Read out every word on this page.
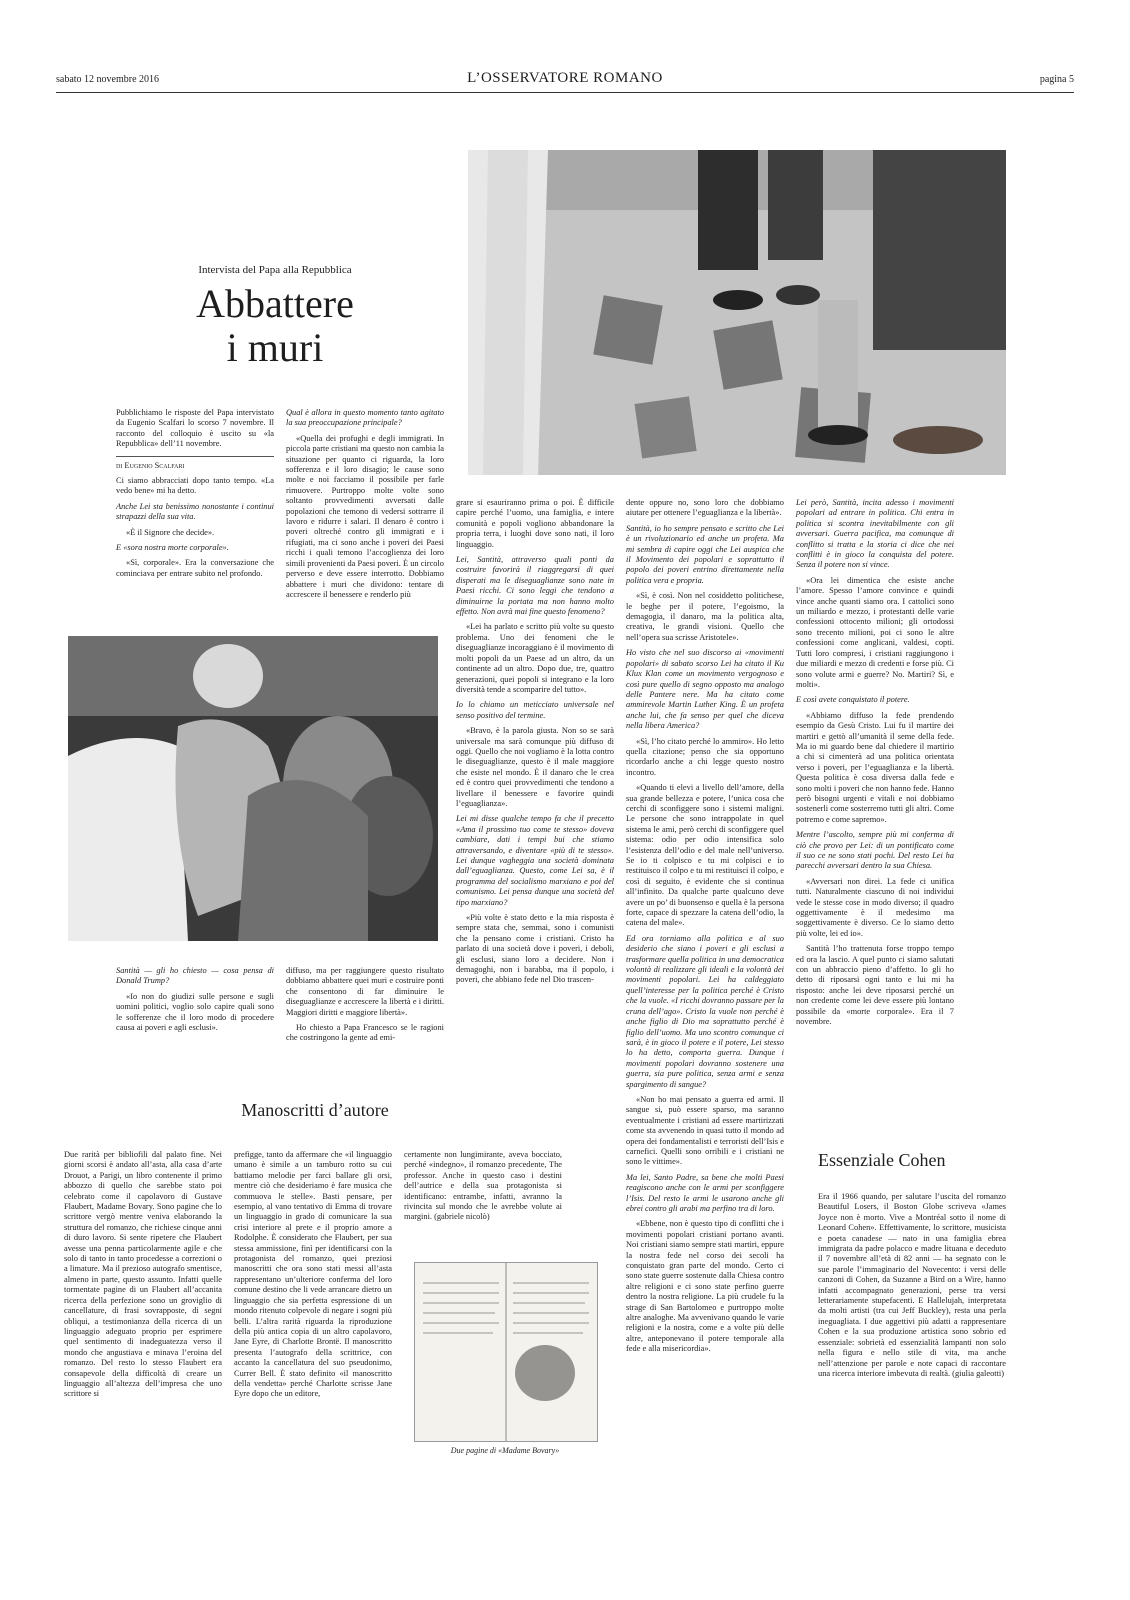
sabato 12 novembre 2016	L’OSSERVATORE ROMANO	pagina 5
Intervista del Papa alla Repubblica
Abbattere
i muri

Pubblichiamo le risposte del Papa intervistato da Eugenio Scalfari lo scorso 7 novembre. Il racconto del colloquio è uscito su «la Repubblica» dell’11 novembre.

di Eugenio Scalfari

Ci siamo abbracciati dopo tanto tempo. «La vedo bene» mi ha detto.

Anche Lei sta benissimo nonostante i continui strapazzi della sua vita.

«È il Signore che decide».

E «sora nostra morte corporale».

«Sì, corporale». Era la conversazione che cominciava per entrare subito nel profondo.

Qual è allora in questo momento tanto agitato la sua preoccupazione principale?

«Quella dei profughi e degli immigrati. In piccola parte cristiani ma questo non cambia la situazione per quanto ci riguarda, la loro sofferenza e il loro disagio; le cause sono molte e noi facciamo il possibile per farle rimuovere. Purtroppo molte volte sono soltanto provvedimenti avversati dalle popolazioni che temono di vedersi sottrarre il lavoro e ridurre i salari. Il denaro è contro i poveri oltreché contro gli immigrati e i rifugiati, ma ci sono anche i poveri dei Paesi ricchi i quali temono l’accoglienza dei loro simili provenienti da Paesi poveri. È un circolo perverso e deve essere interrotto. Dobbiamo abbattere i muri che dividono: tentare di accrescere il benessere e renderlo più

Santità — gli ho chiesto — cosa pensa di Donald Trump?

«Io non do giudizi sulle persone e sugli uomini politici, voglio solo capire quali sono le sofferenze che il loro modo di procedere causa ai poveri e agli esclusi».

diffuso, ma per raggiungere questo risultato dobbiamo abbattere quei muri e costruire ponti che consentono di far diminuire le diseguaglianze e accrescere la libertà e i diritti. Maggiori diritti e maggiore libertà».

Ho chiesto a Papa Francesco se le ragioni che costringono la gente ad emi-

grare si esauriranno prima o poi. È difficile capire perché l’uomo, una famiglia, e intere comunità e popoli vogliono abbandonare la propria terra, i luoghi dove sono nati, il loro linguaggio.

Lei, Santità, attraverso quali ponti da costruire favorirà il riaggregarsi di quei disperati ma le diseguaglianze sono nate in Paesi ricchi. Ci sono leggi che tendono a diminuirne la portata ma non hanno molto effetto. Non avrà mai fine questo fenomeno?

«Lei ha parlato e scritto più volte su questo problema. Uno dei fenomeni che le diseguaglianze incoraggiano è il movimento di molti popoli da un Paese ad un altro, da un continente ad un altro. Dopo due, tre, quattro generazioni, quei popoli si integrano e la loro diversità tende a scomparire del tutto».

Io lo chiamo un meticciato universale nel senso positivo del termine.

«Bravo, è la parola giusta. Non so se sarà universale ma sarà comunque più diffuso di oggi. Quello che noi vogliamo è la lotta contro le diseguaglianze, questo è il male maggiore che esiste nel mondo. È il danaro che le crea ed è contro quei provvedimenti che tendono a livellare il benessere e favorire quindi l’eguaglianza».

Lei mi disse qualche tempo fa che il precetto «Ama il prossimo tuo come te stesso» doveva cambiare, dati i tempi bui che stiamo attraversando, e diventare «più di te stesso». Lei dunque vagheggia una società dominata dall’eguaglianza. Questo, come Lei sa, è il programma del socialismo marxiano e poi del comunismo. Lei pensa dunque una società del tipo marxiano?

«Più volte è stato detto e la mia risposta è sempre stata che, semmai, sono i comunisti che la pensano come i cristiani. Cristo ha parlato di una società dove i poveri, i deboli, gli esclusi, siano loro a decidere. Non i demagoghi, non i barabba, ma il popolo, i poveri, che abbiano fede nel Dio trascen-

dente oppure no, sono loro che dobbiamo aiutare per ottenere l’eguaglianza e la libertà».

Santità, io ho sempre pensato e scritto che Lei è un rivoluzionario ed anche un profeta. Ma mi sembra di capire oggi che Lei auspica che il Movimento dei popolari e soprattutto il popolo dei poveri entrino direttamente nella politica vera e propria.

«Sì, è così. Non nel cosiddetto politichese, le beghe per il potere, l’egoismo, la demagogia, il danaro, ma la politica alta, creativa, le grandi visioni. Quello che nell’opera sua scrisse Aristotele».

Ho visto che nel suo discorso ai «movimenti popolari» di sabato scorso Lei ha citato il Ku Klux Klan come un movimento vergognoso e così pure quello di segno opposto ma analogo delle Pantere nere. Ma ha citato come ammirevole Martin Luther King. È un profeta anche lui, che fa senso per quel che diceva nella libera America?

«Sì, l’ho citato perché lo ammiro». Ho letto quella citazione; penso che sia opportuno ricordarlo anche a chi legge questo nostro incontro.

«Quando ti elevi a livello dell’amore, della sua grande bellezza e potere, l’unica cosa che cerchi di sconfiggere sono i sistemi maligni. Le persone che sono intrappolate in quel sistema le ami, però cerchi di sconfiggere quel sistema: odio per odio intensifica solo l’esistenza dell’odio e del male nell’universo. Se io ti colpisco e tu mi colpisci e io restituisco il colpo e tu mi restituisci il colpo, e così di seguito, è evidente che si continua all’infinito. Da qualche parte qualcuno deve avere un po’ di buonsenso e quella è la persona forte, capace di spezzare la catena dell’odio, la catena del male».

Ed ora torniamo alla politica e al suo desiderio che siano i poveri e gli esclusi a trasformare quella politica in una democratica volontà di realizzare gli ideali e la volontà dei movimenti popolari. Lei ha caldeggiato quell’interesse per la politica perché è Cristo che la vuole. «I ricchi dovranno passare per la cruna dell’ago». Cristo la vuole non perché è anche figlio di Dio ma soprattutto perché è figlio dell’uomo. Ma uno scontro comunque ci sarà, è in gioco il potere e il potere, Lei stesso lo ha detto, comporta guerra. Dunque i movimenti popolari dovranno sostenere una guerra, sia pure politica, senza armi e senza spargimento di sangue?

«Non ho mai pensato a guerra ed armi. Il sangue si, può essere sparso, ma saranno eventualmente i cristiani ad essere martirizzati come sta avvenendo in quasi tutto il mondo ad opera dei fondamentalisti e terroristi dell’Isis e carnefici. Quelli sono orribili e i cristiani ne sono le vittime».

Ma lei, Santo Padre, sa bene che molti Paesi reagiscono anche con le armi per sconfiggere l’Isis. Del resto le armi le usarono anche gli ebrei contro gli arabi ma perfino tra di loro.

«Ebbene, non è questo tipo di conflitti che i movimenti popolari cristiani portano avanti. Noi cristiani siamo sempre stati martiri, eppure la nostra fede nel corso dei secoli ha conquistato gran parte del mondo. Certo ci sono state guerre sostenute dalla Chiesa contro altre religioni e ci sono state perfino guerre dentro la nostra religione. La più crudele fu la strage di San Bartolomeo e purtroppo molte altre analoghe. Ma avvenivano quando le varie religioni e la nostra, come e a volte più delle altre, anteponevano il potere temporale alla fede e alla misericordia».

Lei però, Santità, incita adesso i movimenti popolari ad entrare in politica. Chi entra in politica si scontra inevitabilmente con gli avversari. Guerra pacifica, ma comunque di conflitto si tratta e la storia ci dice che nei conflitti è in gioco la conquista del potere. Senza il potere non si vince.

«Ora lei dimentica che esiste anche l’amore. Spesso l’amore convince e quindi vince anche quanti siamo ora. I cattolici sono un miliardo e mezzo, i protestanti delle varie confessioni ottocento milioni; gli ortodossi sono trecento milioni, poi ci sono le altre confessioni come anglicani, valdesi, copti. Tutti loro compresi, i cristiani raggiungono i due miliardi e mezzo di credenti e forse più. Ci sono volute armi e guerre? No. Martiri? Sì, e molti».

E così avete conquistato il potere.

«Abbiamo diffuso la fede prendendo esempio da Gesù Cristo. Lui fu il martire dei martiri e gettò all’umanità il seme della fede. Ma io mi guardo bene dal chiedere il martirio a chi si cimenterà ad una politica orientata verso i poveri, per l’eguaglianza e la libertà. Questa politica è cosa diversa dalla fede e sono molti i poveri che non hanno fede. Hanno però bisogni urgenti e vitali e noi dobbiamo sostenerli come sosterremo tutti gli altri. Come potremo e come sapremo».

Mentre l’ascolto, sempre più mi conferma di ciò che provo per Lei: di un pontificato come il suo ce ne sono stati pochi. Del resto Lei ha parecchi avversari dentro la sua Chiesa.

«Avversari non direi. La fede ci unifica tutti. Naturalmente ciascuno di noi individui vede le stesse cose in modo diverso; il quadro oggettivamente è il medesimo ma soggettivamente è diverso. Ce lo siamo detto più volte, lei ed io».

Santità l’ho trattenuta forse troppo tempo ed ora la lascio. A quel punto ci siamo salutati con un abbraccio pieno d’affetto. Io gli ho detto di riposarsi ogni tanto e lui mi ha risposto: anche lei deve riposarsi perché un non credente come lei deve essere più lontano possibile da «morte corporale». Era il 7 novembre.

Manoscritti d’autore
Due rarità per bibliofili dal palato fine. Nei giorni scorsi è andato all’asta, alla casa d’arte Drouot, a Parigi, un libro contenente il primo abbozzo di quello che sarebbe stato poi celebrato come il capolavoro di Gustave Flaubert, Madame Bovary. Sono pagine che lo scrittore vergò mentre veniva elaborando la struttura del romanzo, che richiese cinque anni di duro lavoro. Si sente ripetere che Flaubert avesse una penna particolarmente agile e che solo di tanto in tanto procedesse a correzioni o a limature. Ma il prezioso autografo smentisce, almeno in parte, questo assunto. Infatti quelle tormentate pagine di un Flaubert all’accanita ricerca della perfezione sono un groviglio di cancellature, di frasi sovrapposte, di segni obliqui, a testimonianza della ricerca di un linguaggio adeguato proprio per esprimere quel sentimento di inadeguatezza verso il mondo che angustiava e minava l’eroina del romanzo. Del resto lo stesso Flaubert era consapevole della difficoltà di creare un linguaggio all’altezza dell’impresa che uno scrittore si
prefigge, tanto da affermare che «il linguaggio umano è simile a un tamburo rotto su cui battiamo melodie per farci ballare gli orsi, mentre ciò che desideriamo è fare musica che commuova le stelle». Basti pensare, per esempio, al vano tentativo di Emma di trovare un linguaggio in grado di comunicare la sua crisi interiore al prete e il proprio amore a Rodolphe. È considerato che Flaubert, per sua stessa ammissione, finì per identificarsi con la protagonista del romanzo, quei preziosi manoscritti che ora sono stati messi all’asta rappresentano un’ulteriore conferma del loro comune destino che li vede arrancare dietro un linguaggio che sia perfetta espressione di un mondo ritenuto colpevole di negare i sogni più belli. L’altra rarità riguarda la riproduzione della più antica copia di un altro capolavoro, Jane Eyre, di Charlotte Brontë. Il manoscritto presenta l’autografo della scrittrice, con accanto la cancellatura del suo pseudonimo, Currer Bell. È stato definito «il manoscritto della vendetta» perché Charlotte scrisse Jane Eyre dopo che un editore,
certamente non lungimirante, aveva bocciato, perché «indegno», il romanzo precedente, The professor. Anche in questo caso i destini dell’autrice e della sua protagonista si identificano: entrambe, infatti, avranno la rivincita sul mondo che le avrebbe volute ai margini. (gabriele nicolò)
Due pagine di «Madame Bovary»
Essenziale Cohen
Era il 1966 quando, per salutare l’uscita del romanzo Beautiful Losers, il Boston Globe scriveva «James Joyce non è morto. Vive a Montréal sotto il nome di Leonard Cohen». Effettivamente, lo scrittore, musicista e poeta canadese — nato in una famiglia ebrea immigrata da padre polacco e madre lituana e deceduto il 7 novembre all’età di 82 anni — ha segnato con le sue parole l’immaginario del Novecento: i versi delle canzoni di Cohen, da Suzanne a Bird on a Wire, hanno infatti accompagnato generazioni, perse tra versi letterariamente stupefacenti. E Hallelujah, interpretata da molti artisti (tra cui Jeff Buckley), resta una perla ineguagliata. I due aggettivi più adatti a rappresentare Cohen e la sua produzione artistica sono sobrio ed essenziale: sobrietà ed essenzialità lampanti non solo nella figura e nello stile di vita, ma anche nell’attenzione per parole e note capaci di raccontare una ricerca interiore imbevuta di realtà. (giulia galeotti)
